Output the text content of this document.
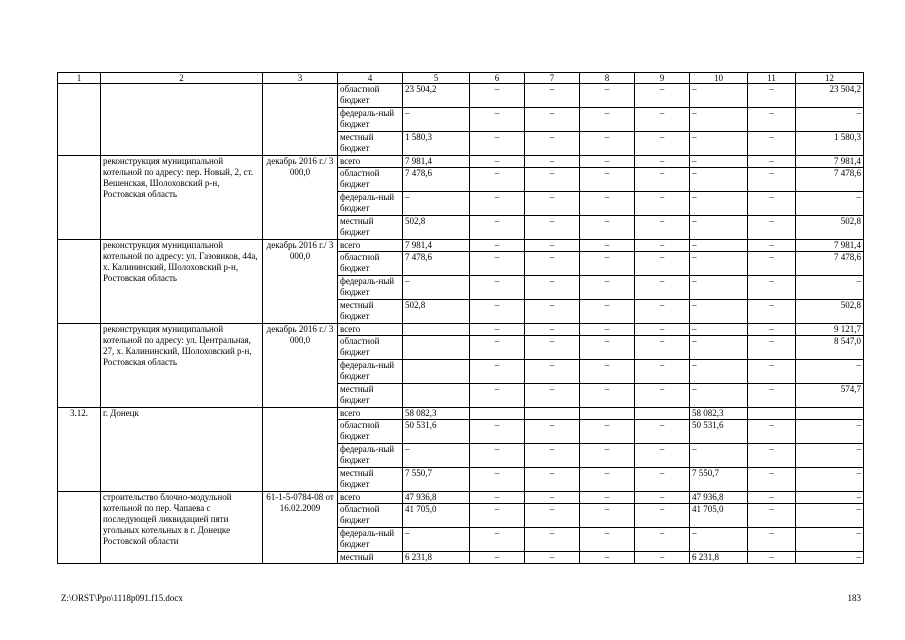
1	2	3	4	5	6	7	8	9	10	11	12
			областной бюджет	23 504,2	–	–	–	–	–	–	23 504,2
			федераль-ный бюджет	–	–	–	–	–	–	–	–
			местный бюджет	1 580,3	–	–	–	–	–	–	1 580,3
	реконструкция муниципальной котельной по адресу: пер. Новый, 2, ст. Вешенская, Шолоховский р-н, Ростовская область	декабрь 2016 г./ 3 000,0	всего	7 981,4	–	–	–	–	–	–	7 981,4
			областной бюджет	7 478,6	–	–	–	–	–	–	7 478,6
			федераль-ный бюджет	–	–	–	–	–	–	–	–
			местный бюджет	502,8	–	–	–	–	–	–	502,8
	реконструкция муниципальной котельной по адресу: ул. Газовиков, 44а, х. Калининский, Шолоховский р-н, Ростовская область	декабрь 2016 г./ 3 000,0	всего	7 981,4	–	–	–	–	–	–	7 981,4
			областной бюджет	7 478,6	–	–	–	–	–	–	7 478,6
			федераль-ный бюджет	–	–	–	–	–	–	–	–
			местный бюджет	502,8	–	–	–	–	–	–	502,8
	реконструкция муниципальной котельной по адресу: ул. Центральная, 27, х. Калининский, Шолоховский р-н, Ростовская область	декабрь 2016 г./ 3 000,0	всего		–	–	–	–	–	–	9 121,7
			областной бюджет		–	–	–	–	–	–	8 547,0
			федераль-ный бюджет		–	–	–	–	–	–	–
			местный бюджет		–	–	–	–	–	–	574,7
3.12.	г. Донецк		всего	58 082,3					58 082,3		
			областной бюджет	50 531,6	–	–	–	–	50 531,6	–	–
			федераль-ный бюджет	–	–	–	–	–	–	–	–
			местный бюджет	7 550,7	–	–	–	–	7 550,7	–	–
	строительство блочно-модульной котельной по пер. Чапаева с последующей ликвидацией пяти угольных котельных в г. Донецке Ростовской области	61-1-5-0784-08 от 16.02.2009	всего	47 936,8	–	–	–	–	47 936,8	–	–
			областной бюджет	41 705,0	–	–	–	–	41 705,0	–	–
			федераль-ный бюджет	–	–	–	–	–	–	–	–
			местный	6 231,8	–	–	–	–	6 231,8	–	–
Z:\ORST\Ppo\1118p091.f15.docx	183
